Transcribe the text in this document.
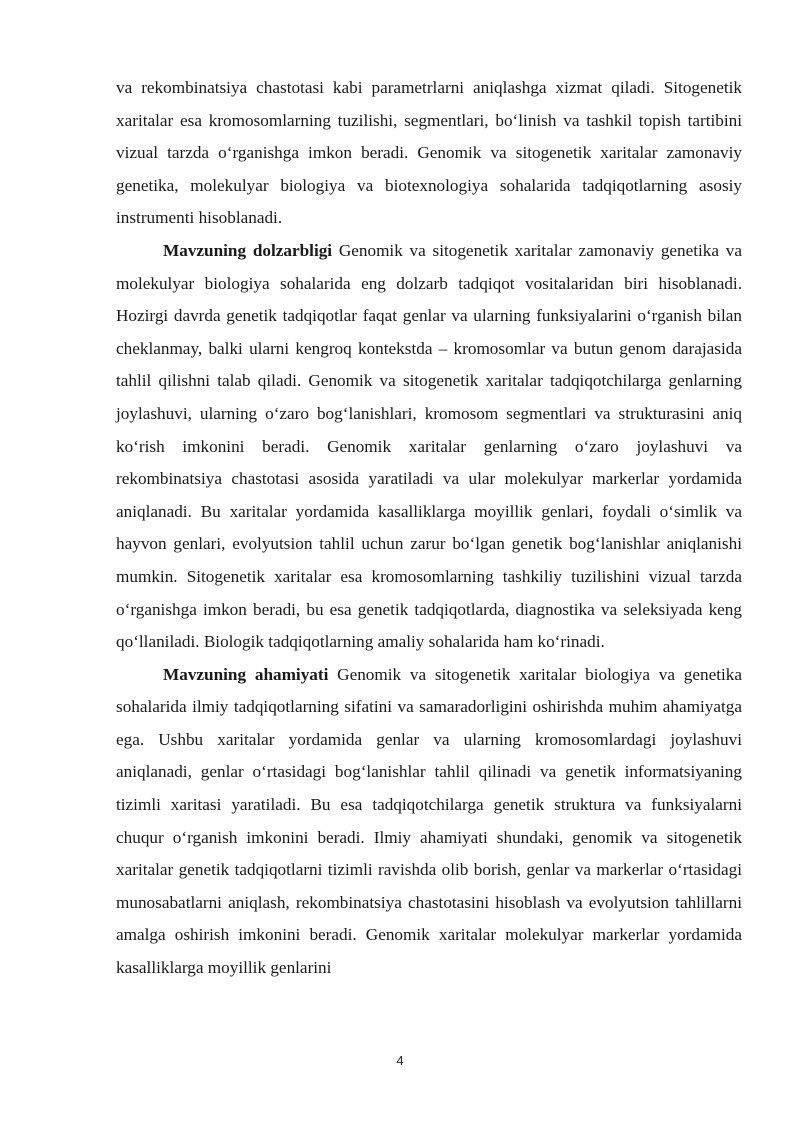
va rekombinatsiya chastotasi kabi parametrlarni aniqlashga xizmat qiladi. Sitogenetik xaritalar esa kromosomlarning tuzilishi, segmentlari, bo‘linish va tashkil topish tartibini vizual tarzda o‘rganishga imkon beradi. Genomik va sitogenetik xaritalar zamonaviy genetika, molekulyar biologiya va biotexnologiya sohalarida tadqiqotlarning asosiy instrumenti hisoblanadi.

Mavzuning dolzarbligi Genomik va sitogenetik xaritalar zamonaviy genetika va molekulyar biologiya sohalarida eng dolzarb tadqiqot vositalaridan biri hisoblanadi. Hozirgi davrda genetik tadqiqotlar faqat genlar va ularning funksiyalarini o‘rganish bilan cheklanmay, balki ularni kengroq kontekstda – kromosomlar va butun genom darajasida tahlil qilishni talab qiladi. Genomik va sitogenetik xaritalar tadqiqotchilarga genlarning joylashuvi, ularning o‘zaro bog‘lanishlari, kromosom segmentlari va strukturasini aniq ko‘rish imkonini beradi. Genomik xaritalar genlarning o‘zaro joylashuvi va rekombinatsiya chastotasi asosida yaratiladi va ular molekulyar markerlar yordamida aniqlanadi. Bu xaritalar yordamida kasalliklarga moyillik genlari, foydali o‘simlik va hayvon genlari, evolyutsion tahlil uchun zarur bo‘lgan genetik bog‘lanishlar aniqlanishi mumkin. Sitogenetik xaritalar esa kromosomlarning tashkiliy tuzilishini vizual tarzda o‘rganishga imkon beradi, bu esa genetik tadqiqotlarda, diagnostika va seleksiyada keng qo‘llaniladi. Biologik tadqiqotlarning amaliy sohalarida ham ko‘rinadi.

Mavzuning ahamiyati Genomik va sitogenetik xaritalar biologiya va genetika sohalarida ilmiy tadqiqotlarning sifatini va samaradorligini oshirishda muhim ahamiyatga ega. Ushbu xaritalar yordamida genlar va ularning kromosomlardagi joylashuvi aniqlanadi, genlar o‘rtasidagi bog‘lanishlar tahlil qilinadi va genetik informatsiyaning tizimli xaritasi yaratiladi. Bu esa tadqiqotchilarga genetik struktura va funksiyalarni chuqur o‘rganish imkonini beradi. Ilmiy ahamiyati shundaki, genomik va sitogenetik xaritalar genetik tadqiqotlarni tizimli ravishda olib borish, genlar va markerlar o‘rtasidagi munosabatlarni aniqlash, rekombinatsiya chastotasini hisoblash va evolyutsion tahlillarni amalga oshirish imkonini beradi. Genomik xaritalar molekulyar markerlar yordamida kasalliklarga moyillik genlarini

4
